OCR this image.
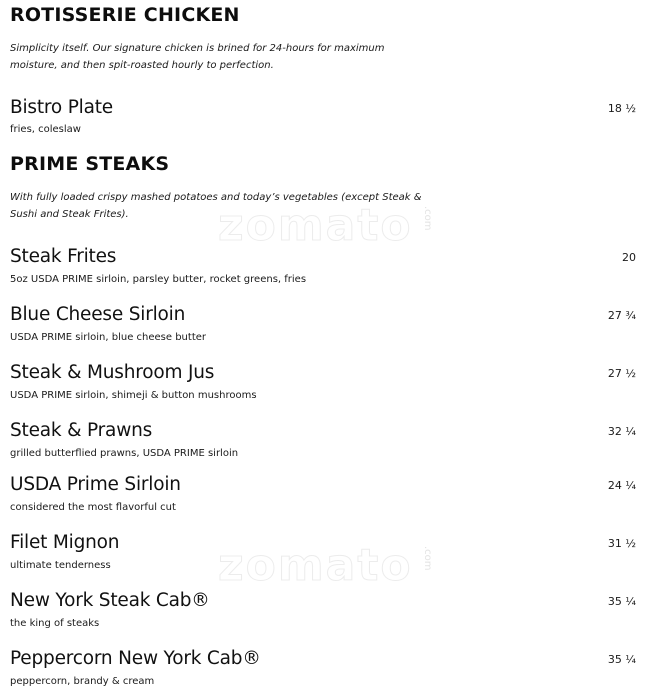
zomato .com
zomato .com
ROTISSERIE CHICKEN
Simplicity itself. Our signature chicken is brined for 24-hours for maximum moisture, and then spit-roasted hourly to perfection.
Bistro Plate	18 ½
fries, coleslaw
PRIME STEAKS
With fully loaded crispy mashed potatoes and today’s vegetables (except Steak & Sushi and Steak Frites).
Steak Frites	20
5oz USDA PRIME sirloin, parsley butter, rocket greens, fries
Blue Cheese Sirloin	27 ¾
USDA PRIME sirloin, blue cheese butter
Steak & Mushroom Jus	27 ½
USDA PRIME sirloin, shimeji & button mushrooms
Steak & Prawns	32 ¼
grilled butterflied prawns, USDA PRIME sirloin
USDA Prime Sirloin	24 ¼
considered the most flavorful cut
Filet Mignon	31 ½
ultimate tenderness
New York Steak Cab®	35 ¼
the king of steaks
Peppercorn New York Cab®	35 ¼
peppercorn, brandy & cream
